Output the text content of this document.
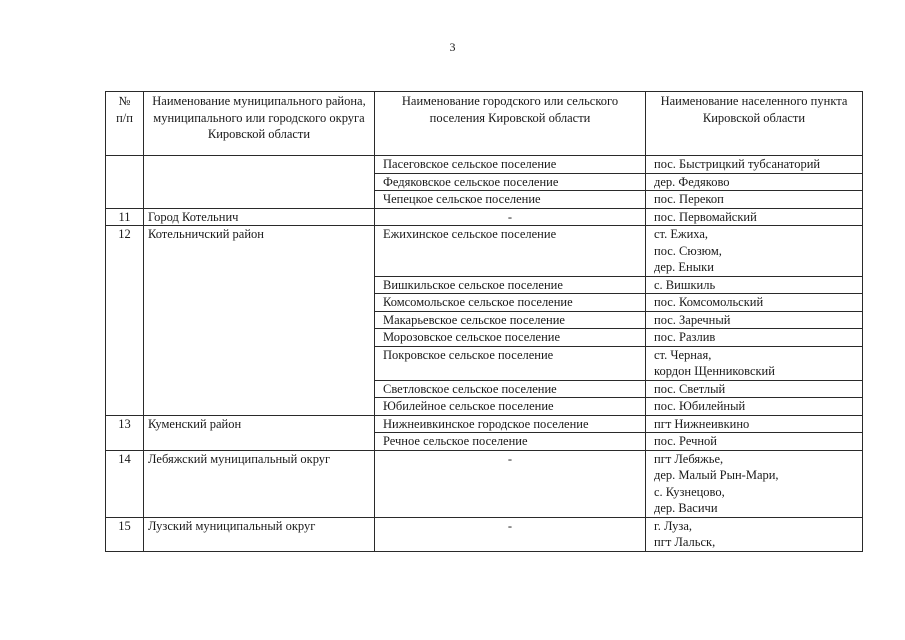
3
№
п/п	Наименование муниципального района, муниципального или городского округа Кировской области	Наименование городского или сельского поселения Кировской области	Наименование населенного пункта Кировской области

		Пасеговское сельское поселение	пос. Быстрицкий тубсанаторий

		Федяковское сельское поселение	дер. Федяково

		Чепецкое сельское поселение	пос. Перекоп

11	Город Котельнич	-	пос. Первомайский

12	Котельничский район	Ежихинское сельское поселение	ст. Ежиха,
пос. Сюзюм,
дер. Еныки

		Вишкильское сельское поселение	с. Вишкиль

		Комсомольское сельское поселение	пос. Комсомольский

		Макарьевское сельское поселение	пос. Заречный

		Морозовское сельское поселение	пос. Разлив

		Покровское сельское поселение	ст. Черная,
кордон Щенниковский

		Светловское сельское поселение	пос. Светлый

		Юбилейное сельское поселение	пос. Юбилейный

13	Куменский район	Нижнеивкинское городское поселение	пгт Нижнеивкино

		Речное сельское поселение	пос. Речной

14	Лебяжский муниципальный округ	-	пгт Лебяжье,
дер. Малый Рын-Мари,
с. Кузнецово,
дер. Васичи

15	Лузский муниципальный округ	-	г. Луза,
пгт Лальск,
